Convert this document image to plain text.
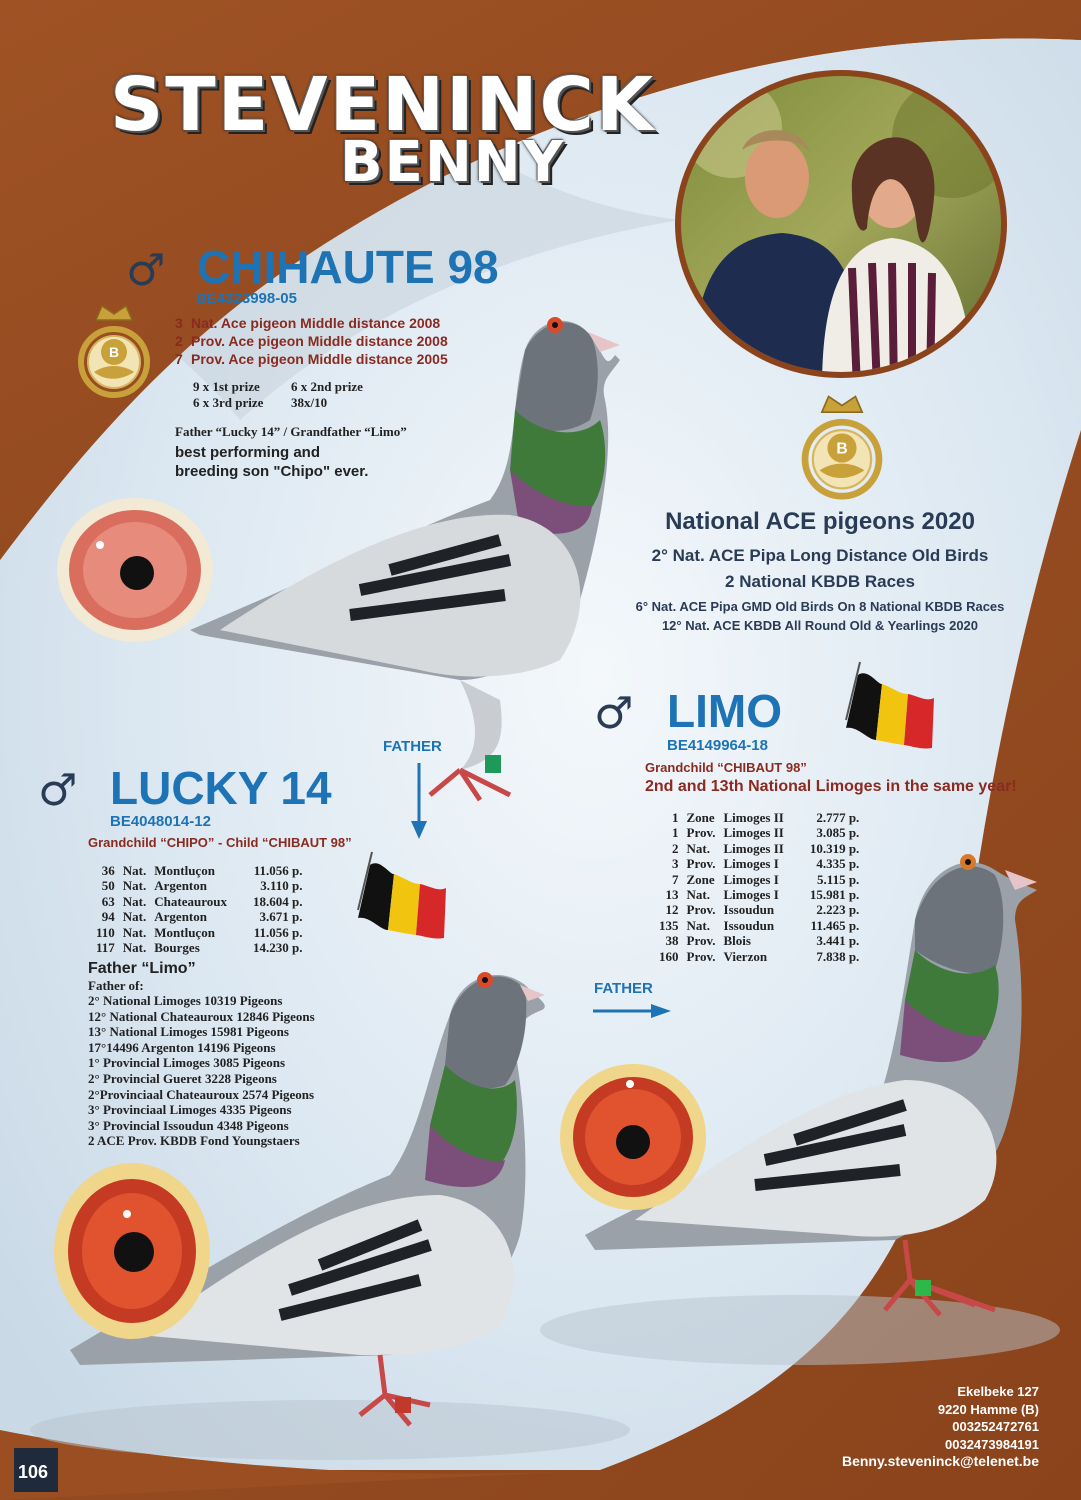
STEVENINCK
BENNY
B
B
♂ CHIHAUTE 98
BE4323998-05
3 Nat. Ace pigeon Middle distance 2008
2 Prov. Ace pigeon Middle distance 2008
7 Prov. Ace pigeon Middle distance 2005
9 x 1st prize 6 x 2nd prize
6 x 3rd prize 38x/10
Father “Lucky 14” / Grandfather “Limo”
best performing and
breeding son "Chipo" ever.
National ACE pigeons 2020
2° Nat. ACE Pipa Long Distance Old Birds
2 National KBDB Races
6° Nat. ACE Pipa GMD Old Birds On 8 National KBDB Races
12° Nat. ACE KBDB All Round Old & Yearlings 2020
FATHER
♂ LIMO
BE4149964-18
Grandchild “CHIBAUT 98”
2nd and 13th National Limoges in the same year!
1	Zone	Limoges II	2.777 p.
1	Prov.	Limoges II	3.085 p.
2	Nat.	Limoges II	10.319 p.
3	Prov.	Limoges I	4.335 p.
7	Zone	Limoges I	5.115 p.
13	Nat.	Limoges I	15.981 p.
12	Prov.	Issoudun	2.223 p.
135	Nat.	Issoudun	11.465 p.
38	Prov.	Blois	3.441 p.
160	Prov.	Vierzon	7.838 p.
FATHER
♂ LUCKY 14
BE4048014-12
Grandchild “CHIPO” - Child “CHIBAUT 98”
36	Nat.	Montluçon	11.056 p.
50	Nat.	Argenton	3.110 p.
63	Nat.	Chateauroux	18.604 p.
94	Nat.	Argenton	3.671 p.
110	Nat.	Montluçon	11.056 p.
117	Nat.	Bourges	14.230 p.
Father “Limo”
Father of:
2° National Limoges 10319 Pigeons
12° National Chateauroux 12846 Pigeons
13° National Limoges 15981 Pigeons
17°14496 Argenton 14196 Pigeons
1° Provincial Limoges 3085 Pigeons
2° Provincial Gueret 3228 Pigeons
2°Provinciaal Chateauroux 2574 Pigeons
3° Provinciaal Limoges 4335 Pigeons
3° Provincial Issoudun 4348 Pigeons
2 ACE Prov. KBDB Fond Youngstaers
Ekelbeke 127
9220 Hamme (B)
003252472761
0032473984191
Benny.steveninck@telenet.be
106
